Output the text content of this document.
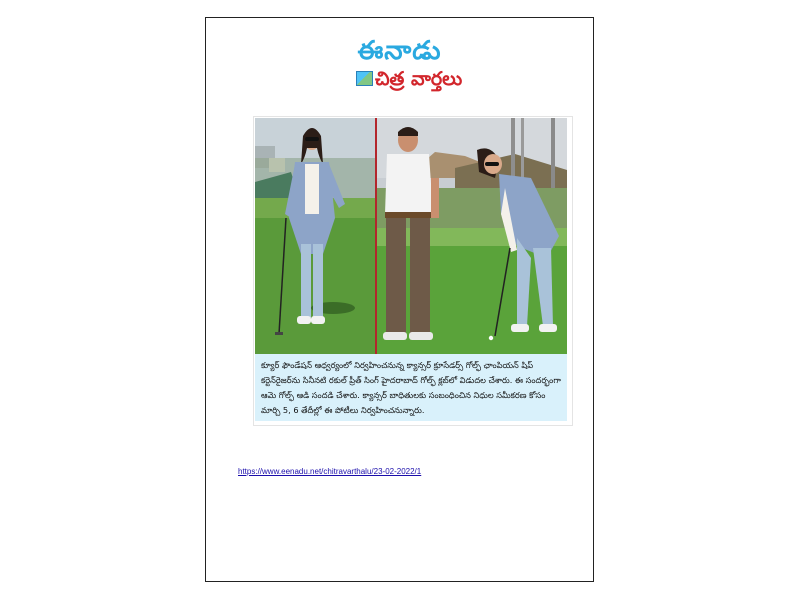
ఈనాడు
చిత్ర వార్తలు
క్యూర్ ఫౌండేషన్ ఆధ్వర్యంలో నిర్వహించనున్న క్యాన్సర్ క్రూసేడర్స్ గోల్ఫ్ ఛాంపియన్ షిప్ కర్టెన్‌రైజర్‌ను సినీనటి రకుల్ ప్రీత్ సింగ్ హైదరాబాద్ గోల్ఫ్ క్లబ్‌లో విడుదల చేశారు. ఈ సందర్భంగా ఆమె గోల్ఫ్ ఆడి సందడి చేశారు. క్యాన్సర్ బాధితులకు సంబంధించిన నిధుల సమీకరణ కోసం మార్చి 5, 6 తేదీల్లో ఈ పోటీలు నిర్వహించనున్నారు.
https://www.eenadu.net/chitravarthalu/23-02-2022/1
